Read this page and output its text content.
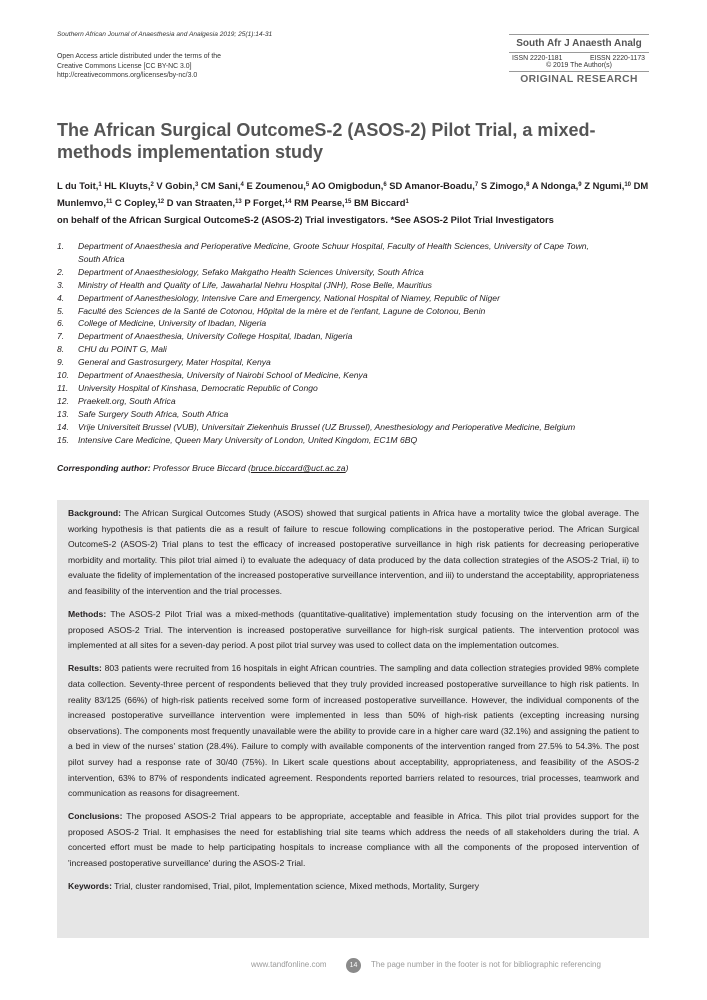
Southern African Journal of Anaesthesia and Analgesia 2019; 25(1):14-31
Open Access article distributed under the terms of the
Creative Commons License [CC BY-NC 3.0]
http://creativecommons.org/licenses/by-nc/3.0
South Afr J Anaesth Analg
ISSN 2220-1181	EISSN 2220-1173
© 2019 The Author(s)
ORIGINAL RESEARCH
The African Surgical OutcomeS-2 (ASOS-2) Pilot Trial, a mixed-methods implementation study
L du Toit,$^1$ HL Kluyts,$^2$ V Gobin,$^3$ CM Sani,$^4$ E Zoumenou,$^5$ AO Omigbodun,$^6$ SD Amanor-Boadu,$^7$ S Zimogo,$^8$ A Ndonga,$^9$ Z Ngumi,$^{10}$ DM Munlemvo,$^{11}$ C Copley,$^{12}$ D van Straaten,$^{13}$ P Forget,$^{14}$ RM Pearse,$^{15}$ BM Biccard$^1$
on behalf of the African Surgical OutcomeS-2 (ASOS-2) Trial investigators. *See ASOS-2 Pilot Trial Investigators
1.	Department of Anaesthesia and Perioperative Medicine, Groote Schuur Hospital, Faculty of Health Sciences, University of Cape Town,
South Africa
2.	Department of Anaesthesiology, Sefako Makgatho Health Sciences University, South Africa
3.	Ministry of Health and Quality of Life, Jawaharlal Nehru Hospital (JNH), Rose Belle, Mauritius
4.	Department of Aanesthesiology, Intensive Care and Emergency, National Hospital of Niamey, Republic of Niger
5.	Faculté des Sciences de la Santé de Cotonou, Hôpital de la mère et de l'enfant, Lagune de Cotonou, Benin
6.	College of Medicine, University of Ibadan, Nigeria
7.	Department of Anaesthesia, University College Hospital, Ibadan, Nigeria
8.	CHU du POINT G, Mali
9.	General and Gastrosurgery, Mater Hospital, Kenya
10.	Department of Anaesthesia, University of Nairobi School of Medicine, Kenya
11.	University Hospital of Kinshasa, Democratic Republic of Congo
12.	Praekelt.org, South Africa
13.	Safe Surgery South Africa, South Africa
14.	Vrije Universiteit Brussel (VUB), Universitair Ziekenhuis Brussel (UZ Brussel), Anesthesiology and Perioperative Medicine, Belgium
15.	Intensive Care Medicine, Queen Mary University of London, United Kingdom, EC1M 6BQ
Corresponding author: Professor Bruce Biccard (bruce.biccard@uct.ac.za)

Background: The African Surgical Outcomes Study (ASOS) showed that surgical patients in Africa have a mortality twice the global average. The working hypothesis is that patients die as a result of failure to rescue following complications in the postoperative period. The African Surgical OutcomeS-2 (ASOS-2) Trial plans to test the efficacy of increased postoperative surveillance in high risk patients for decreasing perioperative morbidity and mortality. This pilot trial aimed i) to evaluate the adequacy of data produced by the data collection strategies of the ASOS-2 Trial, ii) to evaluate the fidelity of implementation of the increased postoperative surveillance intervention, and iii) to understand the acceptability, appropriateness and feasibility of the intervention and the trial processes.

Methods: The ASOS-2 Pilot Trial was a mixed-methods (quantitative-qualitative) implementation study focusing on the intervention arm of the proposed ASOS-2 Trial. The intervention is increased postoperative surveillance for high-risk surgical patients. The intervention protocol was implemented at all sites for a seven-day period. A post pilot trial survey was used to collect data on the implementation outcomes.

Results: 803 patients were recruited from 16 hospitals in eight African countries. The sampling and data collection strategies provided 98% complete data collection. Seventy-three percent of respondents believed that they truly provided increased postoperative surveillance to high risk patients. In reality 83/125 (66%) of high-risk patients received some form of increased postoperative surveillance. However, the individual components of the increased postoperative surveillance intervention were implemented in less than 50% of high-risk patients (excepting increasing nursing observations). The components most frequently unavailable were the ability to provide care in a higher care ward (32.1%) and assigning the patient to a bed in view of the nurses' station (28.4%). Failure to comply with available components of the intervention ranged from 27.5% to 54.3%. The post pilot survey had a response rate of 30/40 (75%). In Likert scale questions about acceptability, appropriateness, and feasibility of the ASOS-2 intervention, 63% to 87% of respondents indicated agreement. Respondents reported barriers related to resources, trial processes, teamwork and communication as reasons for disagreement.

Conclusions: The proposed ASOS-2 Trial appears to be appropriate, acceptable and feasible in Africa. This pilot trial provides support for the proposed ASOS-2 Trial. It emphasises the need for establishing trial site teams which address the needs of all stakeholders during the trial. A concerted effort must be made to help participating hospitals to increase compliance with all the components of the proposed intervention of 'increased postoperative surveillance' during the ASOS-2 Trial.

Keywords: Trial, cluster randomised, Trial, pilot, Implementation science, Mixed methods, Mortality, Surgery

www.tandfonline.com	14	The page number in the footer is not for bibliographic referencing
